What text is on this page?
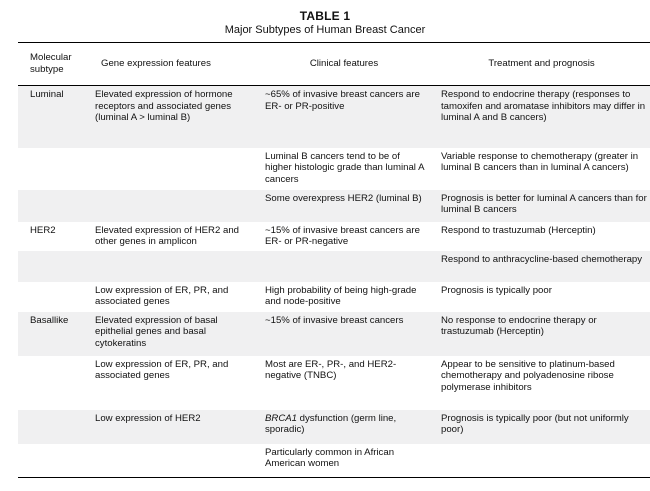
TABLE 1
Major Subtypes of Human Breast Cancer
Molecular subtype	Gene expression features	Clinical features	Treatment and prognosis
Luminal	Elevated expression of hormone receptors and associated genes (luminal A > luminal B)	~65% of invasive breast cancers are ER- or PR-positive	Respond to endocrine therapy (responses to tamoxifen and aromatase inhibitors may differ in luminal A and B cancers)
		Luminal B cancers tend to be of higher histologic grade than luminal A cancers	Variable response to chemotherapy (greater in luminal B cancers than in luminal A cancers)
		Some overexpress HER2 (luminal B)	Prognosis is better for luminal A cancers than for luminal B cancers
HER2	Elevated expression of HER2 and other genes in amplicon	~15% of invasive breast cancers are ER- or PR-negative	Respond to trastuzumab (Herceptin)
			Respond to anthracycline-based chemotherapy
	Low expression of ER, PR, and associated genes	High probability of being high-grade and node-positive	Prognosis is typically poor
Basallike	Elevated expression of basal epithelial genes and basal cytokeratins	~15% of invasive breast cancers	No response to endocrine therapy or trastuzumab (Herceptin)
	Low expression of ER, PR, and associated genes	Most are ER-, PR-, and HER2-negative (TNBC)	Appear to be sensitive to platinum-based chemotherapy and polyadenosine ribose polymerase inhibitors
	Low expression of HER2	BRCA1 dysfunction (germ line, sporadic)	Prognosis is typically poor (but not uniformly poor)
		Particularly common in African American women	
